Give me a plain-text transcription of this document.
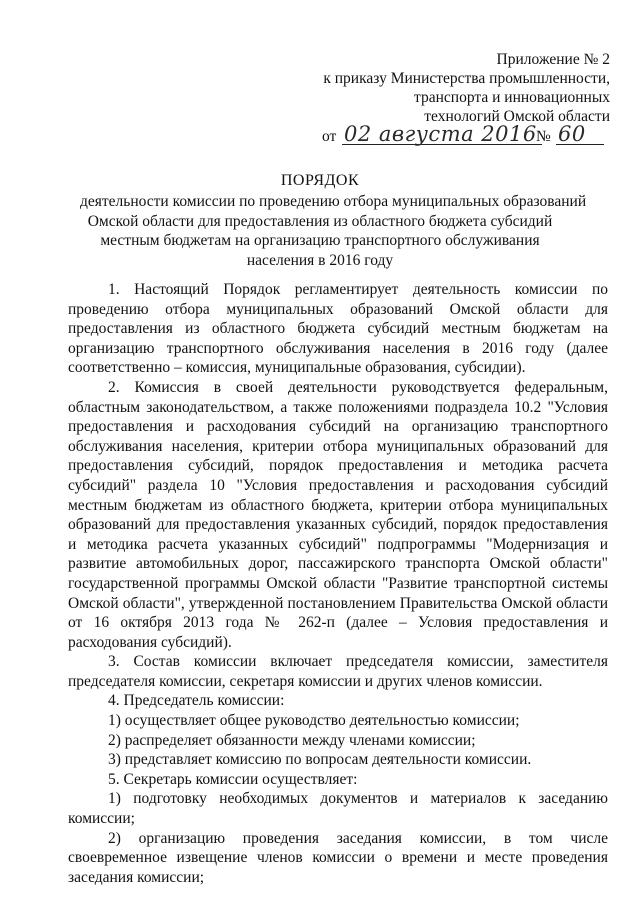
Приложение № 2
к приказу Министерства промышленности,
транспорта и инновационных
технологий Омской области
от 02 августа 2016 № 60
ПОРЯДОК
деятельности комиссии по проведению отбора муниципальных образований
Омской области для предоставления из областного бюджета субсидий
местным бюджетам на организацию транспортного обслуживания
населения в 2016 году

1. Настоящий Порядок регламентирует деятельность комиссии по проведению отбора муниципальных образований Омской области для предоставления из областного бюджета субсидий местным бюджетам на организацию транспортного обслуживания населения в 2016 году (далее соответственно – комиссия, муниципальные образования, субсидии).

2. Комиссия в своей деятельности руководствуется федеральным, областным законодательством, а также положениями подраздела 10.2 "Условия предоставления и расходования субсидий на организацию транспортного обслуживания населения, критерии отбора муниципальных образований для предоставления субсидий, порядок предоставления и методика расчета субсидий" раздела 10 "Условия предоставления и расходования субсидий местным бюджетам из областного бюджета, критерии отбора муниципальных образований для предоставления указанных субсидий, порядок предоставления и методика расчета указанных субсидий" подпрограммы "Модернизация и развитие автомобильных дорог, пассажирского транспорта Омской области" государственной программы Омской области "Развитие транспортной системы Омской области", утвержденной постановлением Правительства Омской области от 16 октября 2013 года № 262-п (далее – Условия предоставления и расходования субсидий).

3. Состав комиссии включает председателя комиссии, заместителя председателя комиссии, секретаря комиссии и других членов комиссии.

4. Председатель комиссии:

1) осуществляет общее руководство деятельностью комиссии;

2) распределяет обязанности между членами комиссии;

3) представляет комиссию по вопросам деятельности комиссии.

5. Секретарь комиссии осуществляет:

1) подготовку необходимых документов и материалов к заседанию комиссии;

2) организацию проведения заседания комиссии, в том числе своевременное извещение членов комиссии о времени и месте проведения заседания комиссии;
